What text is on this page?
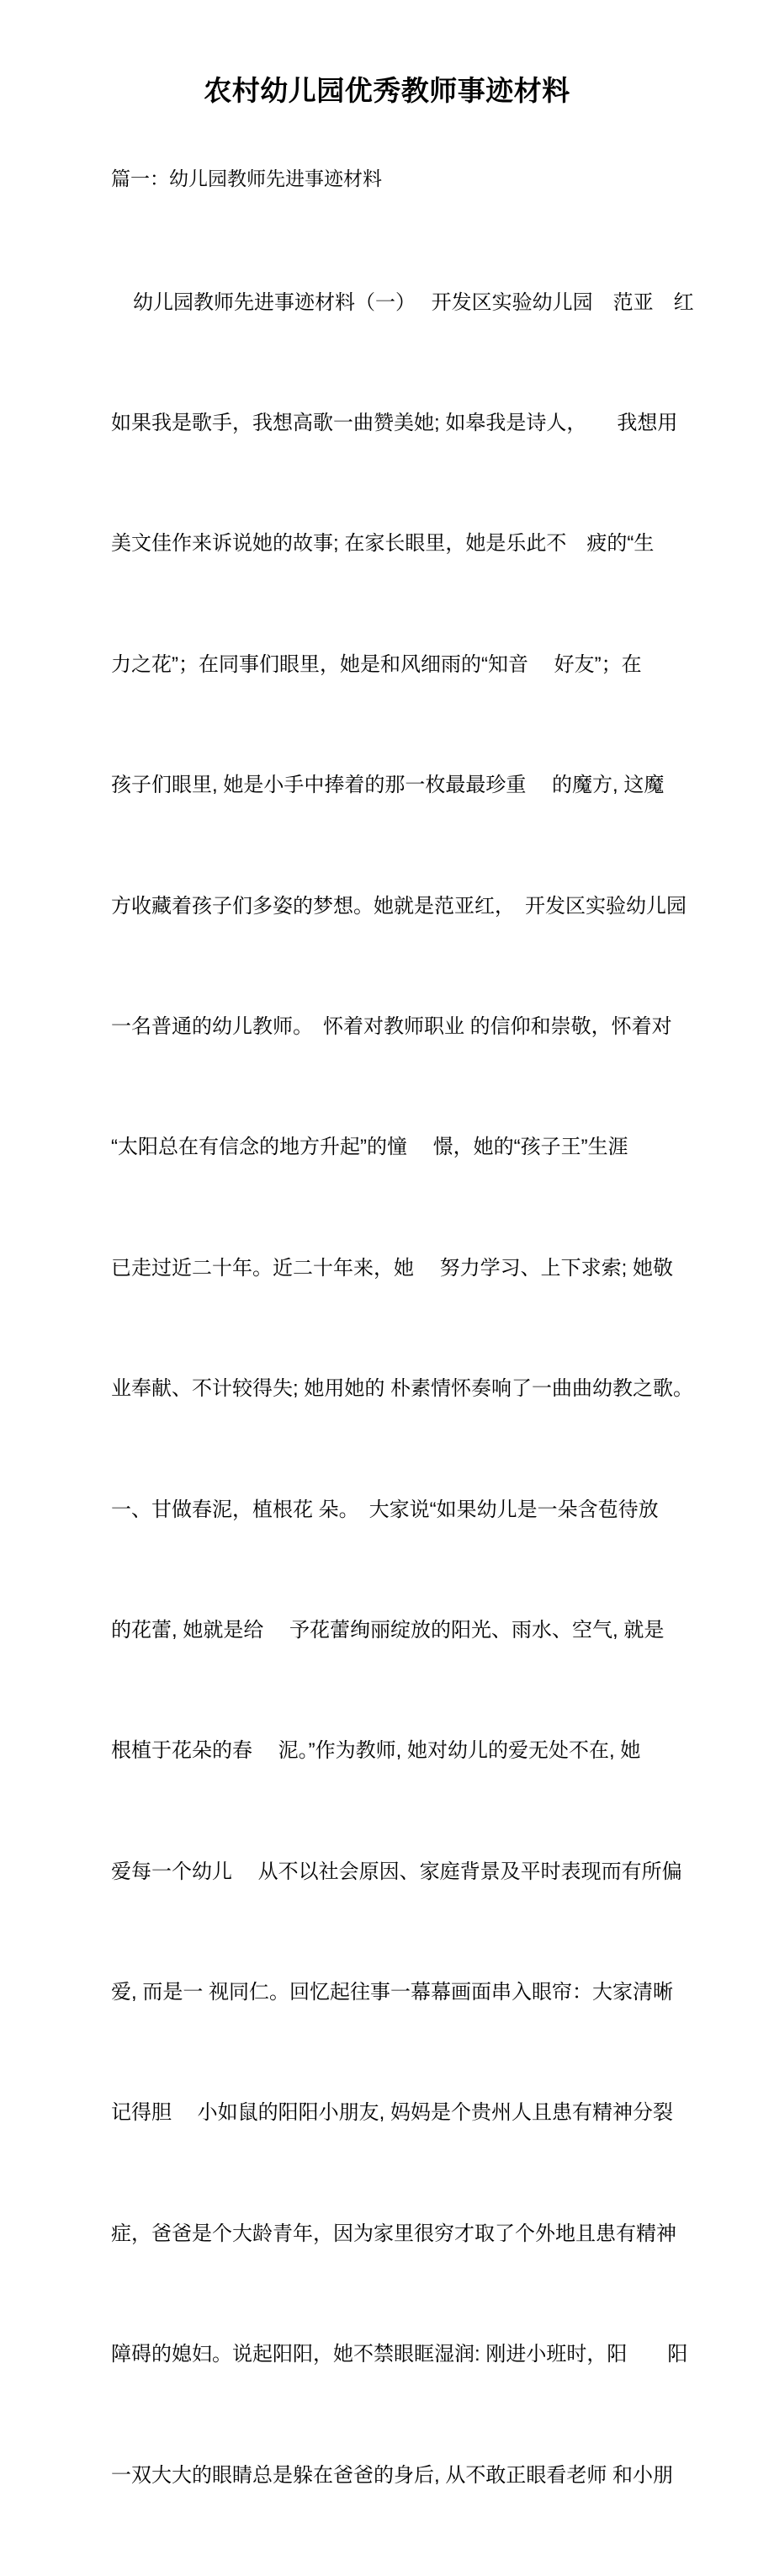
农村幼儿园优秀教师事迹材料
篇一：幼儿园教师先进事迹材料

幼儿园教师先进事迹材料（一）　 开发区实验幼儿园　范亚　红

如果我是歌手，我想高歌一曲赞美她; 如皋我是诗人，　　我想用

美文佳作来诉说她的故事; 在家长眼里，她是乐此不　疲的“生

力之花”；在同事们眼里，她是和风细雨的“知音　 好友”；在

孩子们眼里, 她是小手中捧着的那一枚最最珍重　 的魔方, 这魔

方收藏着孩子们多姿的梦想。她就是范亚红，　开发区实验幼儿园

一名普通的幼儿教师。　怀着对教师职业 的信仰和崇敬，怀着对

“太阳总在有信念的地方升起”的憧　 憬，她的“孩子王”生涯

已走过近二十年。近二十年来，她　 努力学习、上下求索; 她敬

业奉献、不计较得失; 她用她的 朴素情怀奏响了一曲曲幼教之歌。

一、甘做春泥，植根花 朵。　大家说“如果幼儿是一朵含苞待放

的花蕾, 她就是给　 予花蕾绚丽绽放的阳光、雨水、空气, 就是

根植于花朵的春　 泥。”作为教师, 她对幼儿的爱无处不在, 她

爱每一个幼儿　 从不以社会原因、家庭背景及平时表现而有所偏

爱, 而是一 视同仁。回忆起往事一幕幕画面串入眼帘：大家清晰

记得胆　 小如鼠的阳阳小朋友, 妈妈是个贵州人且患有精神分裂

症，爸爸是个大龄青年，因为家里很穷才取了个外地且患有精神

障碍的媳妇。说起阳阳，她不禁眼眶湿润: 刚进小班时，阳　　阳

一双大大的眼睛总是躲在爸爸的身后, 从不敢正眼看老师 和小朋
